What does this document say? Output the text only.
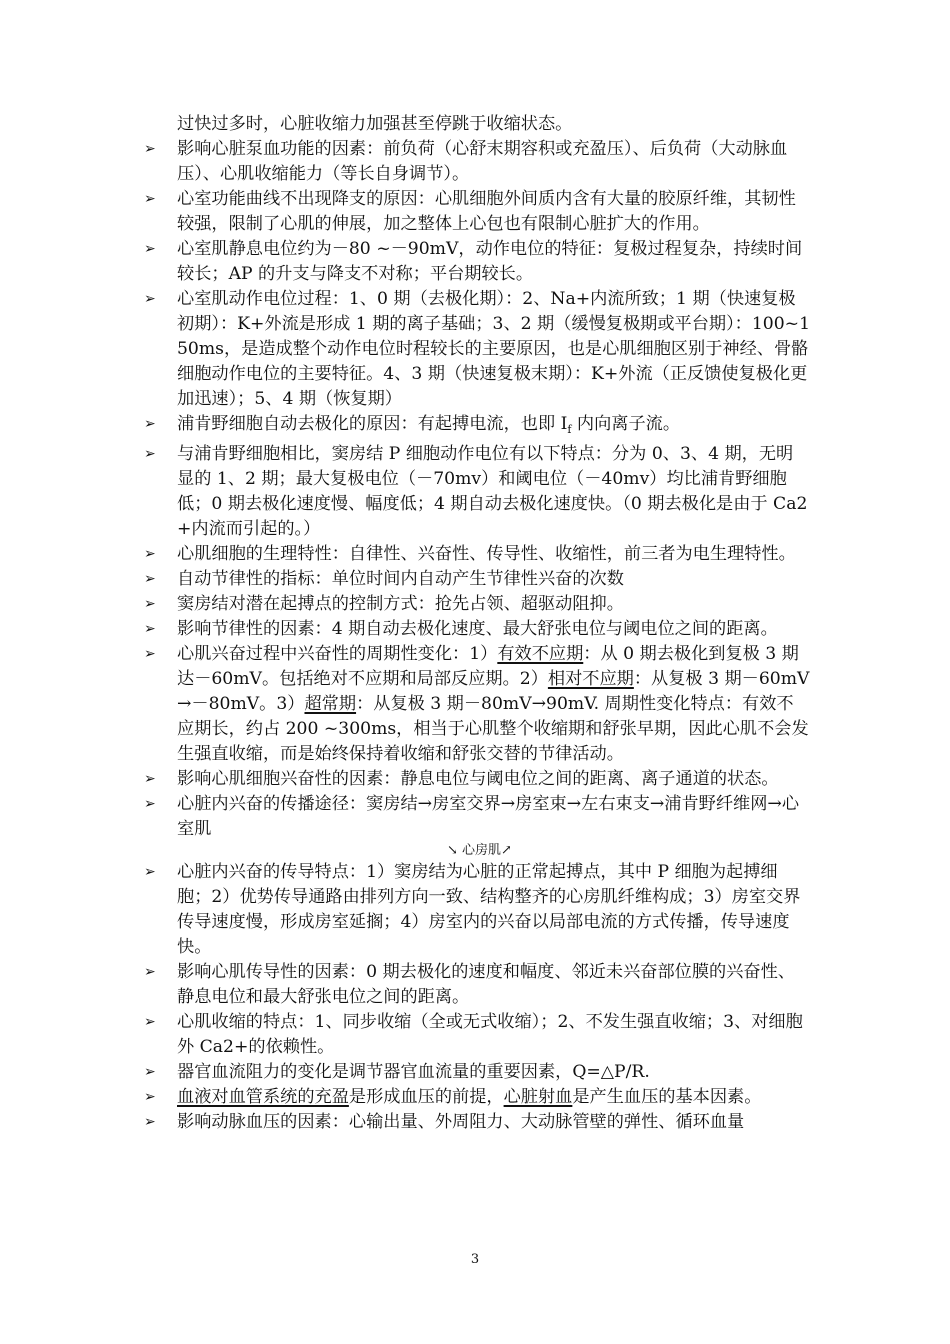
过快过多时，心脏收缩力加强甚至停跳于收缩状态。
➢	影响心脏泵血功能的因素：前负荷（心舒末期容积或充盈压）、后负荷（大动脉血压）、心肌收缩能力（等长自身调节）。
➢	心室功能曲线不出现降支的原因：心肌细胞外间质内含有大量的胶原纤维，其韧性较强，限制了心肌的伸展，加之整体上心包也有限制心脏扩大的作用。
➢	心室肌静息电位约为－80 ~－90mV，动作电位的特征：复极过程复杂，持续时间较长；AP 的升支与降支不对称；平台期较长。
➢	心室肌动作电位过程：1、0 期（去极化期）：2、Na+内流所致；1 期（快速复极初期）：K+外流是形成 1 期的离子基础；3、2 期（缓慢复极期或平台期）：100~150ms，是造成整个动作电位时程较长的主要原因，也是心肌细胞区别于神经、骨骼细胞动作电位的主要特征。4、3 期（快速复极末期）：K+外流（正反馈使复极化更加迅速）；5、4 期（恢复期）
➢	浦肯野细胞自动去极化的原因：有起搏电流，也即 $I_f$ 内向离子流。
➢	与浦肯野细胞相比，窦房结 P 细胞动作电位有以下特点：分为 0、3、4 期，无明显的 1、2 期；最大复极电位（－70mv）和阈电位（－40mv）均比浦肯野细胞低；0 期去极化速度慢、幅度低；4 期自动去极化速度快。（0 期去极化是由于 Ca2+内流而引起的。）
➢	心肌细胞的生理特性：自律性、兴奋性、传导性、收缩性，前三者为电生理特性。
➢	自动节律性的指标：单位时间内自动产生节律性兴奋的次数
➢	窦房结对潜在起搏点的控制方式：抢先占领、超驱动阻抑。
➢	影响节律性的因素：4 期自动去极化速度、最大舒张电位与阈电位之间的距离。
➢	心肌兴奋过程中兴奋性的周期性变化：1）有效不应期：从 0 期去极化到复极 3 期达－60mV。包括绝对不应期和局部反应期。2）相对不应期：从复极 3 期－60mV→－80mV。3）超常期：从复极 3 期－80mV→90mV. 周期性变化特点：有效不应期长，约占 200 ~300ms，相当于心肌整个收缩期和舒张早期，因此心肌不会发生强直收缩，而是始终保持着收缩和舒张交替的节律活动。
➢	影响心肌细胞兴奋性的因素：静息电位与阈电位之间的距离、离子通道的状态。
➢	心脏内兴奋的传播途径：窦房结→房室交界→房室束→左右束支→浦肯野纤维网→心室肌
↘ 心房肌↗
➢	心脏内兴奋的传导特点：1）窦房结为心脏的正常起搏点，其中 P 细胞为起搏细胞；2）优势传导通路由排列方向一致、结构整齐的心房肌纤维构成；3）房室交界传导速度慢，形成房室延搁；4）房室内的兴奋以局部电流的方式传播，传导速度快。
➢	影响心肌传导性的因素：0 期去极化的速度和幅度、邻近未兴奋部位膜的兴奋性、静息电位和最大舒张电位之间的距离。
➢	心肌收缩的特点：1、同步收缩（全或无式收缩）；2、不发生强直收缩；3、对细胞外 Ca2+的依赖性。
➢	器官血流阻力的变化是调节器官血流量的重要因素，Q=△P/R.
➢	血液对血管系统的充盈是形成血压的前提，心脏射血是产生血压的基本因素。
➢	影响动脉血压的因素：心输出量、外周阻力、大动脉管壁的弹性、循环血量
3
